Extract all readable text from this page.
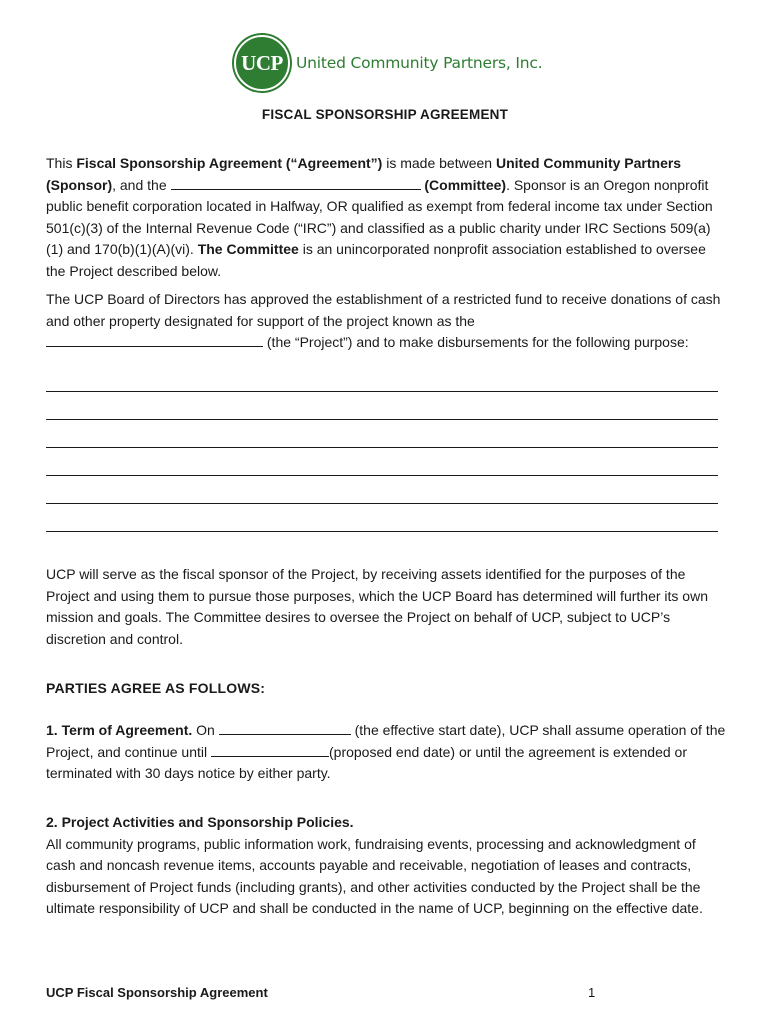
UCP United Community Partners, Inc.
FISCAL SPONSORSHIP AGREEMENT
This Fiscal Sponsorship Agreement (“Agreement”) is made between United Community Partners (Sponsor), and the	(Committee). Sponsor is an Oregon nonprofit public benefit corporation located in Halfway, OR qualified as exempt from federal income tax under Section 501(c)(3) of the Internal Revenue Code (“IRC”) and classified as a public charity under IRC Sections 509(a)(1) and 170(b)(1)(A)(vi). The Committee is an unincorporated nonprofit association established to oversee the Project described below.
The UCP Board of Directors has approved the establishment of a restricted fund to receive donations of cash and other property designated for support of the project known as the
(the “Project”) and to make disbursements for the following purpose:
UCP will serve as the fiscal sponsor of the Project, by receiving assets identified for the purposes of the Project and using them to pursue those purposes, which the UCP Board has determined will further its own mission and goals. The Committee desires to oversee the Project on behalf of UCP, subject to UCP’s discretion and control.
PARTIES AGREE AS FOLLOWS:
1. Term of Agreement. On	(the effective start date), UCP shall assume operation of the Project, and continue until	(proposed end date) or until the agreement is extended or terminated with 30 days notice by either party.
2. Project Activities and Sponsorship Policies.
All community programs, public information work, fundraising events, processing and acknowledgment of cash and noncash revenue items, accounts payable and receivable, negotiation of leases and contracts, disbursement of Project funds (including grants), and other activities conducted by the Project shall be the ultimate responsibility of UCP and shall be conducted in the name of UCP, beginning on the effective date.
UCP Fiscal Sponsorship Agreement	1
